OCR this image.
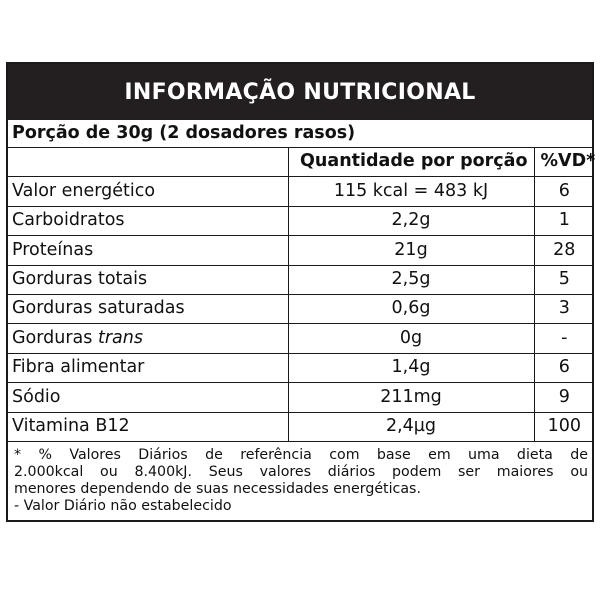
INFORMAÇÃO NUTRICIONAL
Porção de 30g (2 dosadores rasos)		
	Quantidade por porção	%VD*
Valor energético	115 kcal = 483 kJ	6
Carboidratos	2,2g	1
Proteínas	21g	28
Gorduras totais	2,5g	5
Gorduras saturadas	0,6g	3
Gorduras trans	0g	-
Fibra alimentar	1,4g	6
Sódio	211mg	9
Vitamina B12	2,4µg	100

* % Valores Diários de referência com base em uma dieta de

2.000kcal ou 8.400kJ. Seus valores diários podem ser maiores ou

menores dependendo de suas necessidades energéticas.

- Valor Diário não estabelecido
